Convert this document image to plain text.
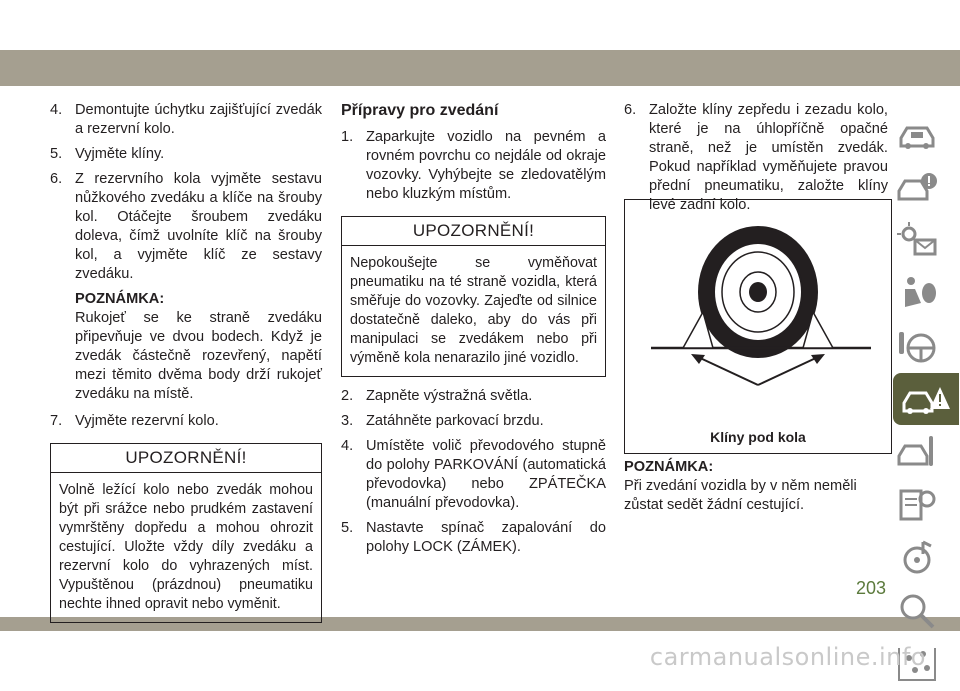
4. Demontujte úchytku zajišťující zvedák a rezervní kolo.
5. Vyjměte klíny.
6. Z rezervního kola vyjměte sestavu nůžkového zvedáku a klíče na šrouby kol. Otáčejte šroubem zvedáku doleva, čímž uvolníte klíč na šrouby kol, a vyjměte klíč ze sestavy zvedáku.
POZNÁMKA:
Rukojeť se ke straně zvedáku připevňuje ve dvou bodech. Když je zvedák částečně rozevřený, napětí mezi těmito dvěma body drží rukojeť zvedáku na místě.
7. Vyjměte rezervní kolo.
UPOZORNĚNÍ!
Volně ležící kolo nebo zvedák mohou být při srážce nebo prudkém zastavení vymrštěny dopředu a mohou ohrozit cestující. Uložte vždy díly zvedáku a rezervní kolo do vyhrazených míst. Vypuštěnou (prázdnou) pneumatiku nechte ihned opravit nebo vyměnit.
Přípravy pro zvedání
1. Zaparkujte vozidlo na pevném a rovném povrchu co nejdále od okraje vozovky. Vyhýbejte se zledovatělým nebo kluzkým místům.
UPOZORNĚNÍ!
Nepokoušejte se vyměňovat pneumatiku na té straně vozidla, která směřuje do vozovky. Zajeďte od silnice dostatečně daleko, aby do vás při manipulaci se zvedákem nebo při výměně kola nenarazilo jiné vozidlo.
2. Zapněte výstražná světla.
3. Zatáhněte parkovací brzdu.
4. Umístěte volič převodového stupně do polohy PARKOVÁNÍ (automatická převodovka) nebo ZPÁTEČKA (manuální převodovka).
5. Nastavte spínač zapalování do polohy LOCK (ZÁMEK).
6. Založte klíny zepředu i zezadu kolo, které je na úhlopříčně opačné straně, než je umístěn zvedák. Pokud například vyměňujete pravou přední pneumatiku, založte klíny levé zadní kolo.
Klíny pod kola
POZNÁMKA:
Při zvedání vozidla by v něm neměli zůstat sedět žádní cestující.
203
carmanualsonline.info
